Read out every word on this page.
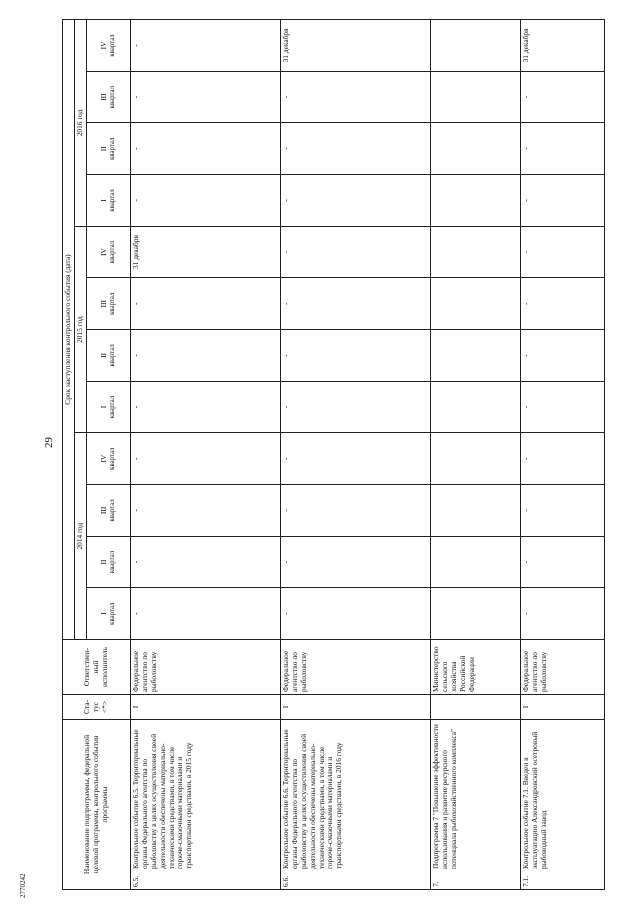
29
2770242
Наименование подпрограммы, федеральной целевой программы, контрольного события программы	Ста- тус <*>	Ответствен- ный исполнитель	Срок наступления контрольного события (дата)											
			2014 год				2015 год				2016 год			

			I квартал	II квартал	III квартал	IV квартал	I квартал	II квартал	III квартал	IV квартал	I квартал	II квартал	III квартал	IV квартал

6.5.
Контрольное событие 6.5. Территориальные органы Федерального агентства по рыболовству в целях осуществления своей деятельности обеспечены материально-техническими средствами, в том числе горюче-смазочными материалами и транспортными средствами, в 2015 году	I	Федеральное агентство по рыболовству	-	-	-	-	-	-	-	31 декабря	-	-	-	-

6.6.
Контрольное событие 6.6. Территориальные органы Федерального агентства по рыболовству в целях осуществления своей деятельности обеспечены материально-техническими средствами, в том числе горюче-смазочными материалами и транспортными средствами, в 2016 году	I	Федеральное агентство по рыболовству	-	-	-	-	-	-	-	-	-	-	-	31 декабря

7.
Подпрограмма 7 "Повышение эффективности использования и развитие ресурсного потенциала рыбохозяйственного комплекса"		Министерство сельского хозяйства Российской Федерации												

7.1.
Контрольное событие 7.1. Введен в эксплуатацию Александровский осетровый рыбоводный завод	I	Федеральное агентство по рыболовству	-	-	-	-	-	-	-	-	-	-	-	31 декабря
